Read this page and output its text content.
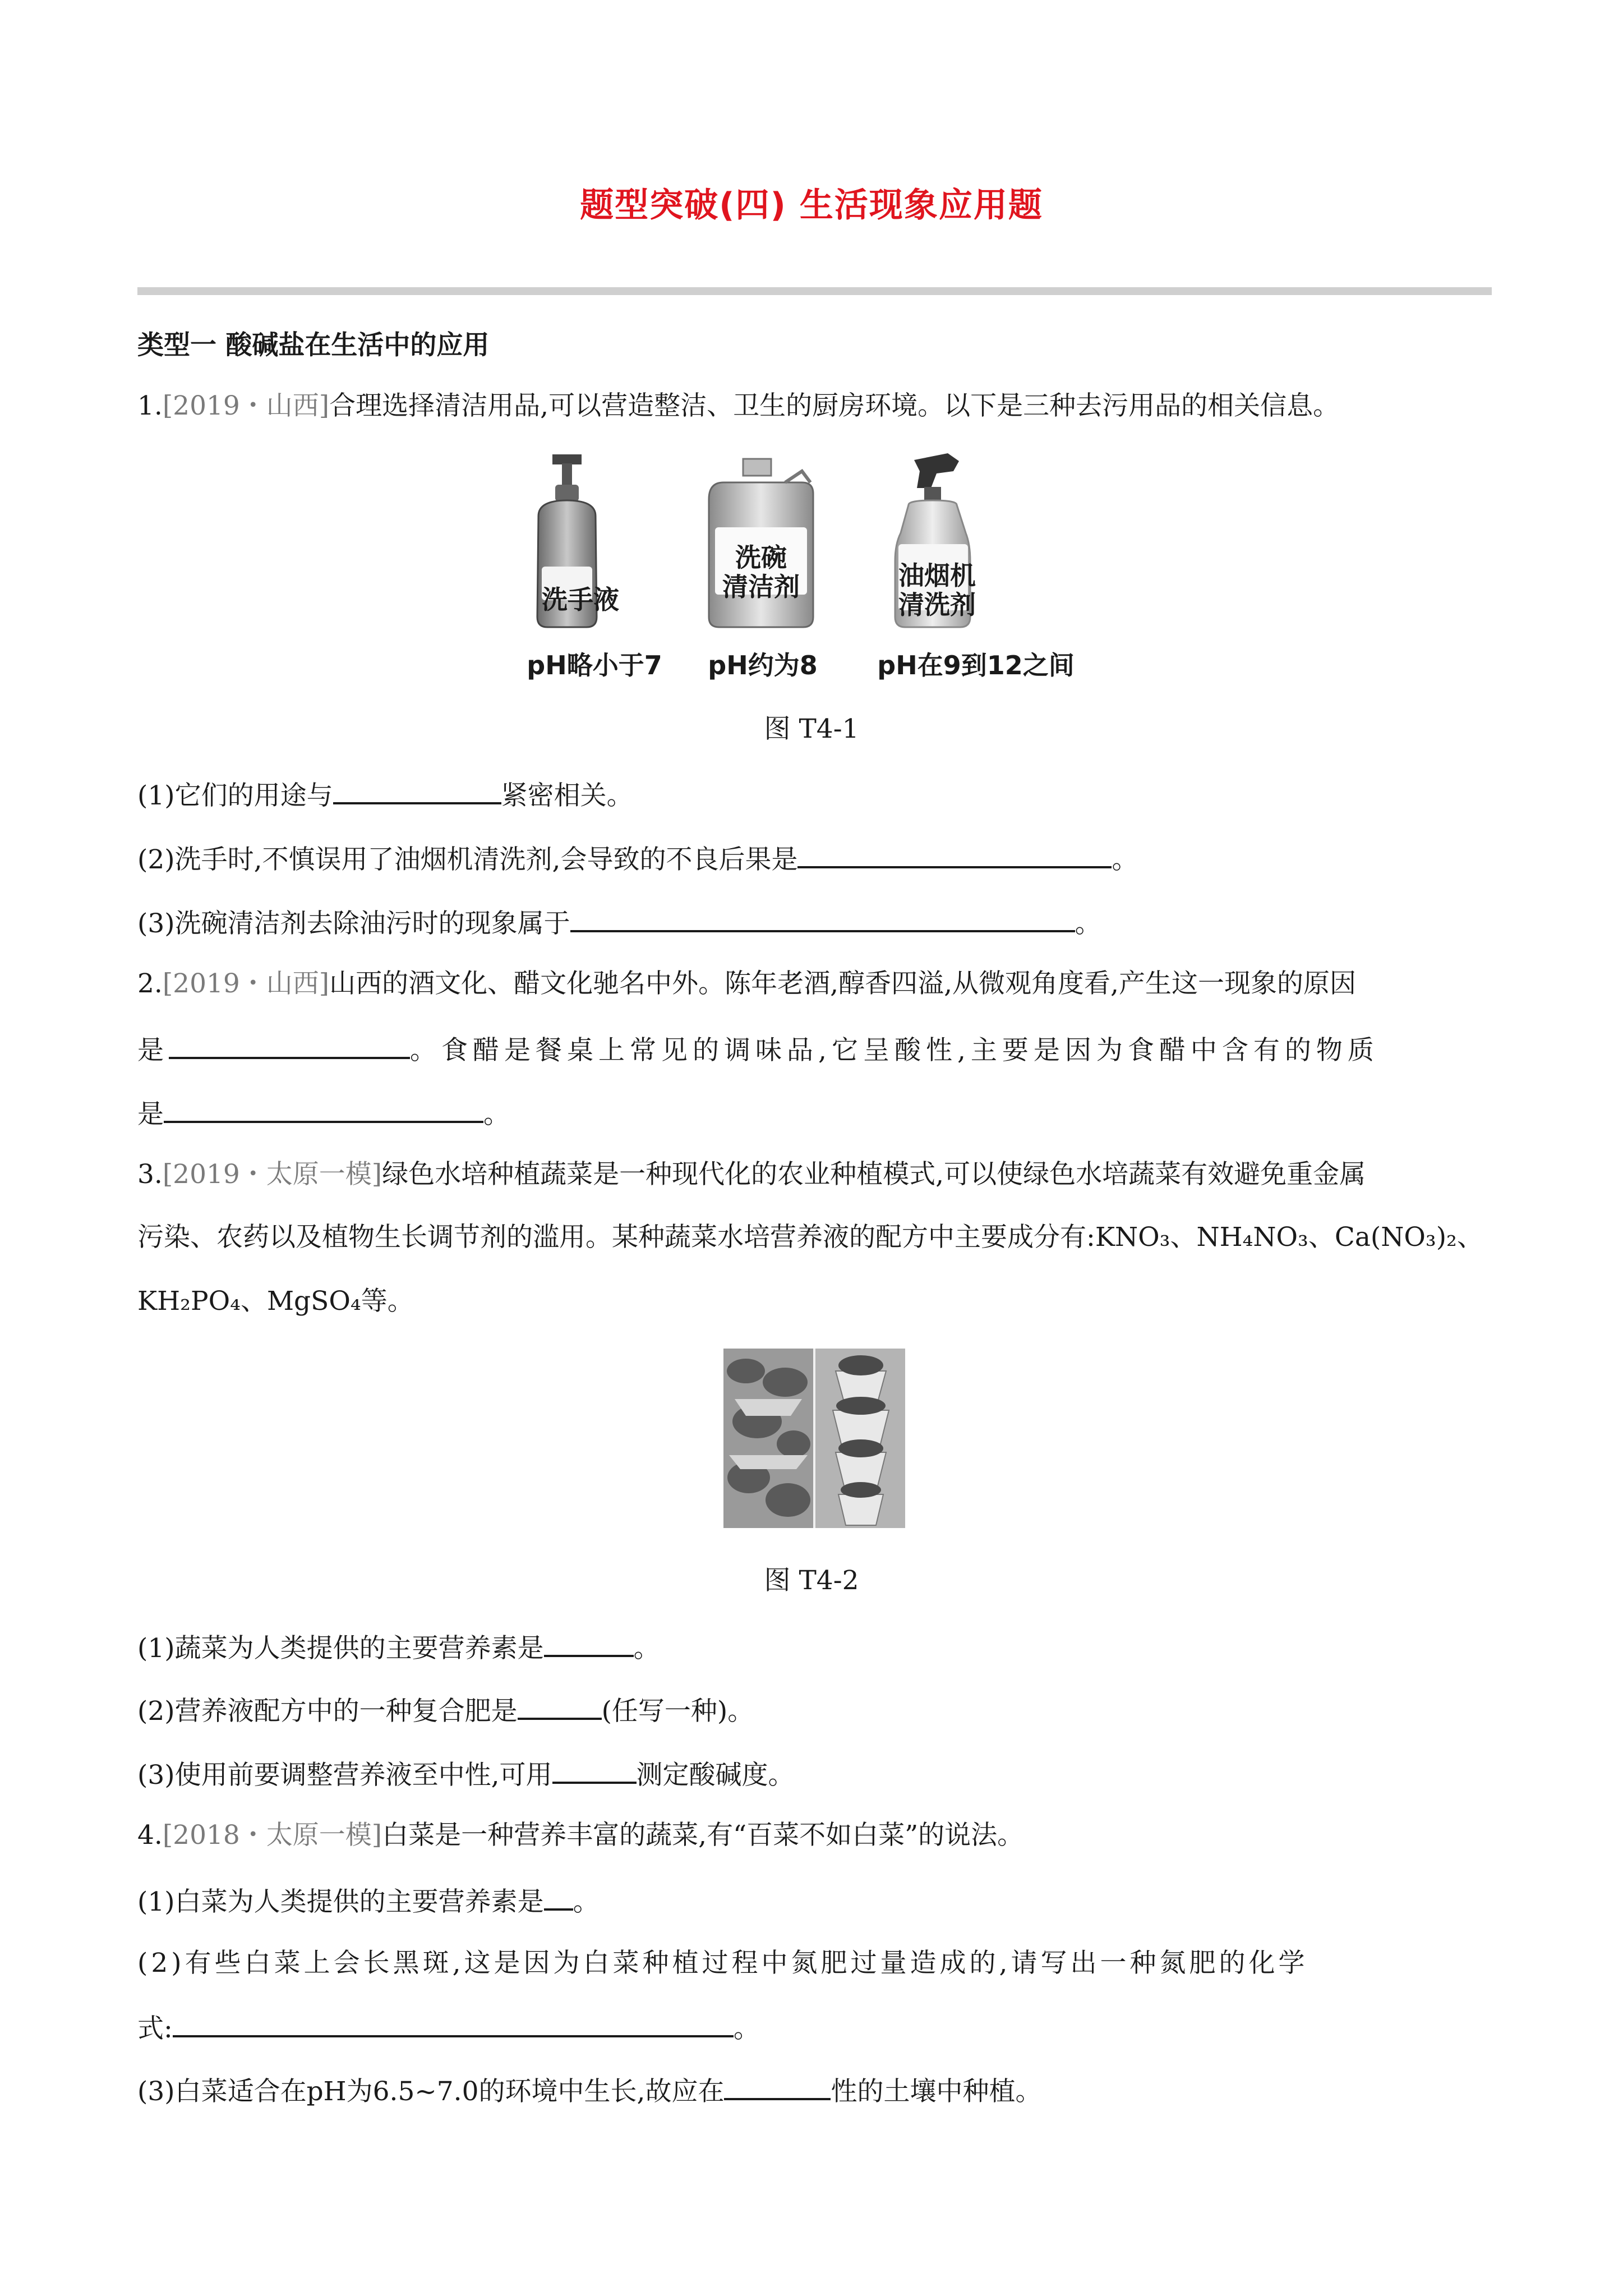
题型突破(四) 生活现象应用题
类型一 酸碱盐在生活中的应用
1.[2019・山西]合理选择清洁用品,可以营造整洁、卫生的厨房环境。以下是三种去污用品的相关信息。
洗手液
洗碗
清洁剂	油烟机
清洗剂
pH略小于7	pH约为8	pH在9到12之间
图 T4-1
(1)它们的用途与	紧密相关。
(2)洗手时,不慎误用了油烟机清洗剂,会导致的不良后果是	。
(3)洗碗清洁剂去除油污时的现象属于	。
2.[2019・山西]山西的酒文化、醋文化驰名中外。陈年老酒,醇香四溢,从微观角度看,产生这一现象的原因
是	。食醋是餐桌上常见的调味品,它呈酸性,主要是因为食醋中含有的物质
是	。
3.[2019・太原一模]绿色水培种植蔬菜是一种现代化的农业种植模式,可以使绿色水培蔬菜有效避免重金属
污染、农药以及植物生长调节剂的滥用。某种蔬菜水培营养液的配方中主要成分有:KNO₃、NH₄NO₃、Ca(NO₃)₂、
KH₂PO₄、MgSO₄等。
图 T4-2
(1)蔬菜为人类提供的主要营养素是	。
(2)营养液配方中的一种复合肥是	(任写一种)。
(3)使用前要调整营养液至中性,可用	测定酸碱度。
4.[2018・太原一模]白菜是一种营养丰富的蔬菜,有“百菜不如白菜”的说法。
(1)白菜为人类提供的主要营养素是 。
(2)有些白菜上会长黑斑,这是因为白菜种植过程中氮肥过量造成的,请写出一种氮肥的化学
式:	。
(3)白菜适合在pH为6.5~7.0的环境中生长,故应在	性的土壤中种植。
